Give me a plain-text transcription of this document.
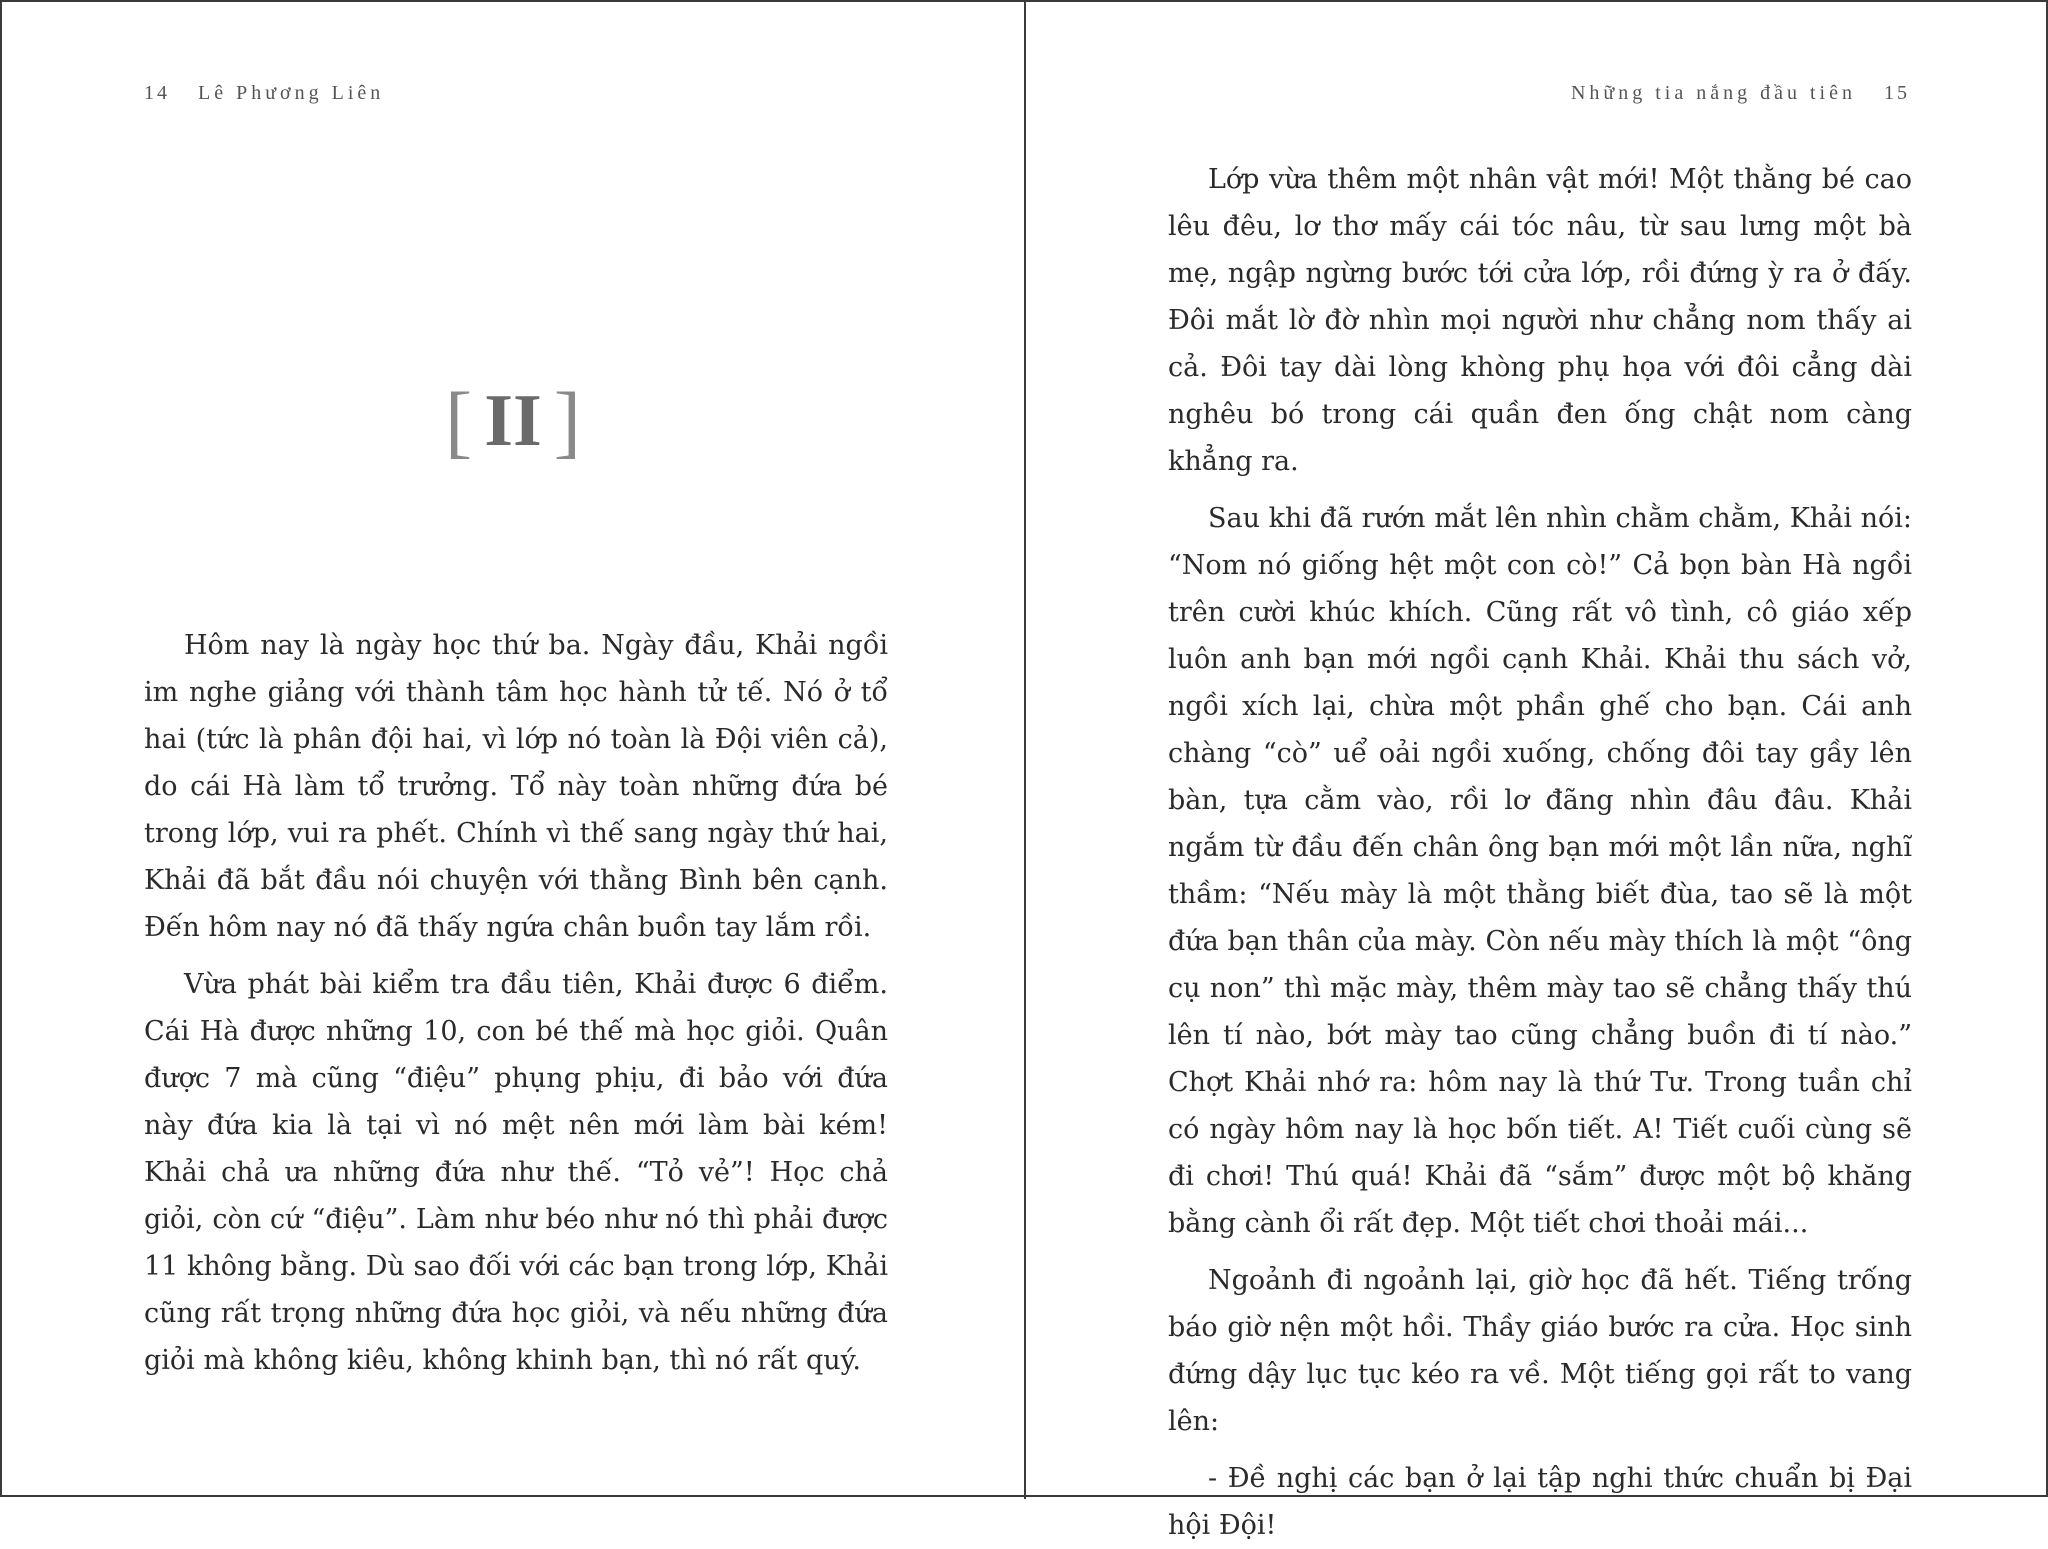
14 Lê Phương Liên
[ II ]

Hôm nay là ngày học thứ ba. Ngày đầu, Khải ngồi im nghe giảng với thành tâm học hành tử tế. Nó ở tổ hai (tức là phân đội hai, vì lớp nó toàn là Đội viên cả), do cái Hà làm tổ trưởng. Tổ này toàn những đứa bé trong lớp, vui ra phết. Chính vì thế sang ngày thứ hai, Khải đã bắt đầu nói chuyện với thằng Bình bên cạnh. Đến hôm nay nó đã thấy ngứa chân buồn tay lắm rồi.

Vừa phát bài kiểm tra đầu tiên, Khải được 6 điểm. Cái Hà được những 10, con bé thế mà học giỏi. Quân được 7 mà cũng “điệu” phụng phịu, đi bảo với đứa này đứa kia là tại vì nó mệt nên mới làm bài kém! Khải chả ưa những đứa như thế. “Tỏ vẻ”! Học chả giỏi, còn cứ “điệu”. Làm như béo như nó thì phải được 11 không bằng. Dù sao đối với các bạn trong lớp, Khải cũng rất trọng những đứa học giỏi, và nếu những đứa giỏi mà không kiêu, không khinh bạn, thì nó rất quý.

Những tia nắng đầu tiên 15

Lớp vừa thêm một nhân vật mới! Một thằng bé cao lêu đêu, lơ thơ mấy cái tóc nâu, từ sau lưng một bà mẹ, ngập ngừng bước tới cửa lớp, rồi đứng ỳ ra ở đấy. Đôi mắt lờ đờ nhìn mọi người như chẳng nom thấy ai cả. Đôi tay dài lòng khòng phụ họa với đôi cẳng dài nghêu bó trong cái quần đen ống chật nom càng khẳng ra.

Sau khi đã rướn mắt lên nhìn chằm chằm, Khải nói: “Nom nó giống hệt một con cò!” Cả bọn bàn Hà ngồi trên cười khúc khích. Cũng rất vô tình, cô giáo xếp luôn anh bạn mới ngồi cạnh Khải. Khải thu sách vở, ngồi xích lại, chừa một phần ghế cho bạn. Cái anh chàng “cò” uể oải ngồi xuống, chống đôi tay gầy lên bàn, tựa cằm vào, rồi lơ đãng nhìn đâu đâu. Khải ngắm từ đầu đến chân ông bạn mới một lần nữa, nghĩ thầm: “Nếu mày là một thằng biết đùa, tao sẽ là một đứa bạn thân của mày. Còn nếu mày thích là một “ông cụ non” thì mặc mày, thêm mày tao sẽ chẳng thấy thú lên tí nào, bớt mày tao cũng chẳng buồn đi tí nào.” Chợt Khải nhớ ra: hôm nay là thứ Tư. Trong tuần chỉ có ngày hôm nay là học bốn tiết. A! Tiết cuối cùng sẽ đi chơi! Thú quá! Khải đã “sắm” được một bộ khăng bằng cành ổi rất đẹp. Một tiết chơi thoải mái...

Ngoảnh đi ngoảnh lại, giờ học đã hết. Tiếng trống báo giờ nện một hồi. Thầy giáo bước ra cửa. Học sinh đứng dậy lục tục kéo ra về. Một tiếng gọi rất to vang lên:

- Đề nghị các bạn ở lại tập nghi thức chuẩn bị Đại hội Đội!
